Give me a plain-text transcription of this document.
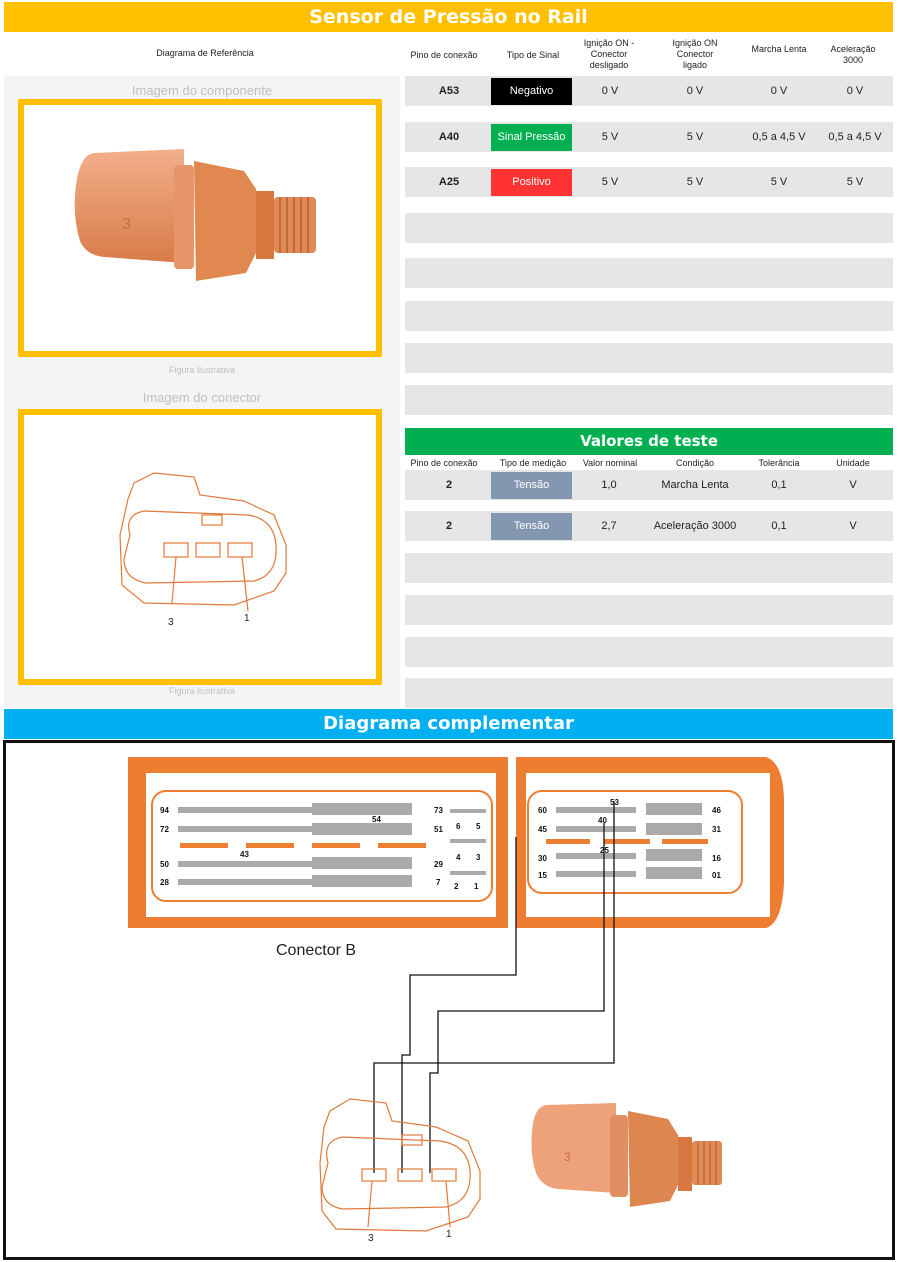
Sensor de Pressão no Rail
Diagrama de Referência	Pino de conexão	Tipo de Sinal
Ignição ON - Conector desligado
Ignição ON Conector ligado
Marcha Lenta	Aceleração 3000
Imagem do componente
3
Figura ilustrativa
Imagem do conector
3	1
Figura ilustrativa
A53	Negativo	0 V	0 V	0 V	0 V
A40	Sinal Pressão	5 V	5 V	0,5 a 4,5 V	0,5 a 4,5 V
A25	Positivo	5 V	5 V	5 V	5 V
Valores de teste
Pino de conexão	Tipo de medição	Valor nominal	Condição	Tolerância	Unidade
2	Tensão	1,0	Marcha Lenta	0,1	V
2	Tensão	2,7	Aceleração 3000	0,1	V
Diagrama complementar
94	73
72
54
51 6 5
43	4 3
50	29
28	7 2 1
53
60	46
45
40
31
25
30	16
15	01
Conector B
3	1
3
